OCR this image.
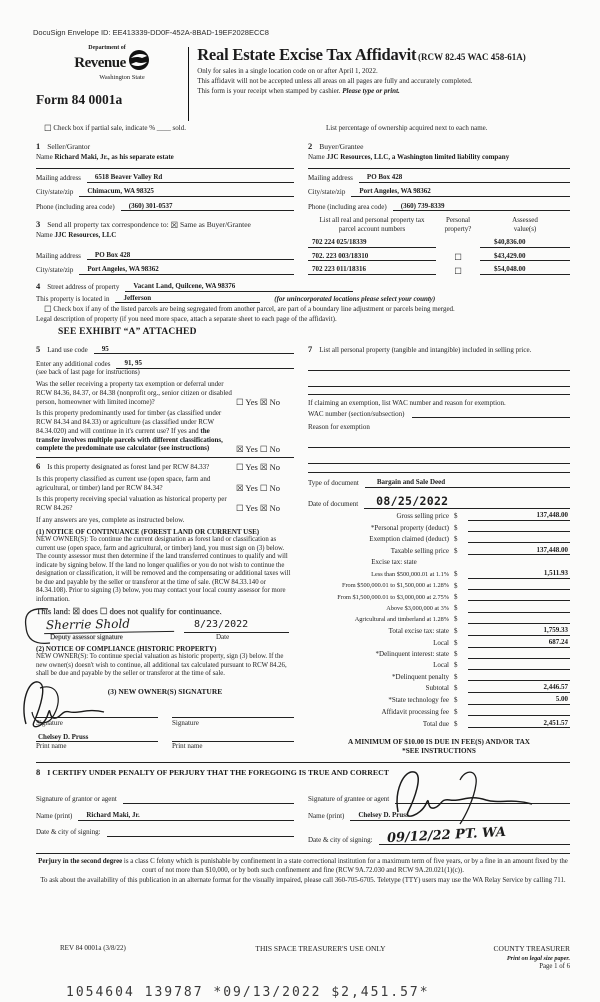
DocuSign Envelope ID: EE413339-DD0F-452A-8BAD-19EF2028ECC8
Department of
Revenue
Washington State
Form 84 0001a
Real Estate Excise Tax Affidavit (RCW 82.45 WAC 458-61A)
Only for sales in a single location code on or after April 1, 2022.
This affidavit will not be accepted unless all areas on all pages are fully and accurately completed.
This form is your receipt when stamped by cashier. Please type or print.
☐ Check box if partial sale, indicate % ____ sold.	List percentage of ownership acquired next to each name.
1 Seller/Grantor
Name Richard Maki, Jr., as his separate estate
Mailing address	6518 Beaver Valley Rd
City/state/zip	Chimacum, WA 98325
Phone (including area code)	(360) 301-0537
3 Send all property tax correspondence to: ☒ Same as Buyer/Grantee
Name JJC Resources, LLC
Mailing address	PO Box 428
City/state/zip	Port Angeles, WA 98362
2 Buyer/Grantee
Name JJC Resources, LLC, a Washington limited liability company
Mailing address	PO Box 428
City/state/zip	Port Angeles, WA 98362
Phone (including area code)	(360) 739-8339
List all real and personal property tax
parcel account numbers
Personal
property?
Assessed
value(s)
702 224 025/18339	$40,836.00
702. 223 003/18310	☐	$43,429.00
702 223 011/18316	☐	$54,048.00
4 Street address of property	Vacant Land, Quilcene, WA 98376
This property is located in	Jefferson	(for unincorporated locations please select your county)
☐ Check box if any of the listed parcels are being segregated from another parcel, are part of a boundary line adjustment or parcels being merged.
Legal description of property (if you need more space, attach a separate sheet to each page of the affidavit).
SEE EXHIBIT “A” ATTACHED
5 Land use code	95
Enter any additional codes	91, 95
(see back of last page for instructions)
Was the seller receiving a property tax exemption or deferral under RCW 84.36, 84.37, or 84.38 (nonprofit org., senior citizen or disabled person, homeowner with limited income)?	☐ Yes ☒ No
Is this property predominantly used for timber (as classified under RCW 84.34 and 84.33) or agriculture (as classified under RCW 84.34.020) and will continue in it's current use? If yes and the transfer involves multiple parcels with different classifications, complete the predominate use calculator (see instructions)	☒ Yes ☐ No
6 Is this property designated as forest land per RCW 84.33?	☐ Yes ☒ No
Is this property classified as current use (open space, farm and agricultural, or timber) land per RCW 84.34?	☒ Yes ☐ No
Is this property receiving special valuation as historical property per RCW 84.26?	☐ Yes ☒ No
If any answers are yes, complete as instructed below.
(1) NOTICE OF CONTINUANCE (FOREST LAND OR CURRENT USE)
NEW OWNER(S): To continue the current designation as forest land or classification as current use (open space, farm and agricultural, or timber) land, you must sign on (3) below. The county assessor must then determine if the land transferred continues to qualify and will indicate by signing below. If the land no longer qualifies or you do not wish to continue the designation or classification, it will be removed and the compensating or additional taxes will be due and payable by the seller or transferor at the time of sale. (RCW 84.33.140 or 84.34.108). Prior to signing (3) below, you may contact your local county assessor for more information.
This land: ☒ does ☐ does not qualify for continuance.
Sherrie Shold	8/23/2022
Deputy assessor signature	Date
(2) NOTICE OF COMPLIANCE (HISTORIC PROPERTY)
NEW OWNER(S): To continue special valuation as historic property, sign (3) below. If the new owner(s) doesn't wish to continue, all additional tax calculated pursuant to RCW 84.26, shall be due and payable by the seller or transferor at the time of sale.
(3) NEW OWNER(S) SIGNATURE
Signature
Chelsey D. Pruss
Print name
Signature
Print name
7 List all personal property (tangible and intangible) included in selling price.
If claiming an exemption, list WAC number and reason for exemption.
WAC number (section/subsection)
Reason for exemption
Type of document	Bargain and Sale Deed
Date of document	08/25/2022
Gross selling price $	137,448.00
*Personal property (deduct) $
Exemption claimed (deduct) $
Taxable selling price $	137,448.00
Excise tax: state
Less than $500,000.01 at 1.1% $	1,511.93
From $500,000.01 to $1,500,000 at 1.28% $
From $1,500,000.01 to $3,000,000 at 2.75% $
Above $3,000,000 at 3% $
Agricultural and timberland at 1.28% $
Total excise tax: state $	1,759.33
Local $	687.24
*Delinquent interest: state $
Local $
*Delinquent penalty $
Subtotal $	2,446.57
*State technology fee $	5.00
Affidavit processing fee $
Total due $	2,451.57
A MINIMUM OF $10.00 IS DUE IN FEE(S) AND/OR TAX
*SEE INSTRUCTIONS
8 I CERTIFY UNDER PENALTY OF PERJURY THAT THE FOREGOING IS TRUE AND CORRECT
Signature of grantor or agent
Name (print)	Richard Maki, Jr.
Date & city of signing:
Signature of grantee or agent
Name (print)	Chelsey D. Pruss
Date & city of signing:	09/12/22 PT. WA

Perjury in the second degree is a class C felony which is punishable by confinement in a state correctional institution for a maximum term of five years, or by a fine in an amount fixed by the court of not more than $10,000, or by both such confinement and fine (RCW 9A.72.030 and RCW 9A.20.021(1)(c)).

To ask about the availability of this publication in an alternate format for the visually impaired, please call 360-705-6705. Teletype (TTY) users may use the WA Relay Service by calling 711.

REV 84 0001a (3/8/22)	THIS SPACE TREASURER'S USE ONLY	COUNTY TREASURER
Print on legal size paper.
Page 1 of 6
1054604 139787 *09/13/2022 $2,451.57*
